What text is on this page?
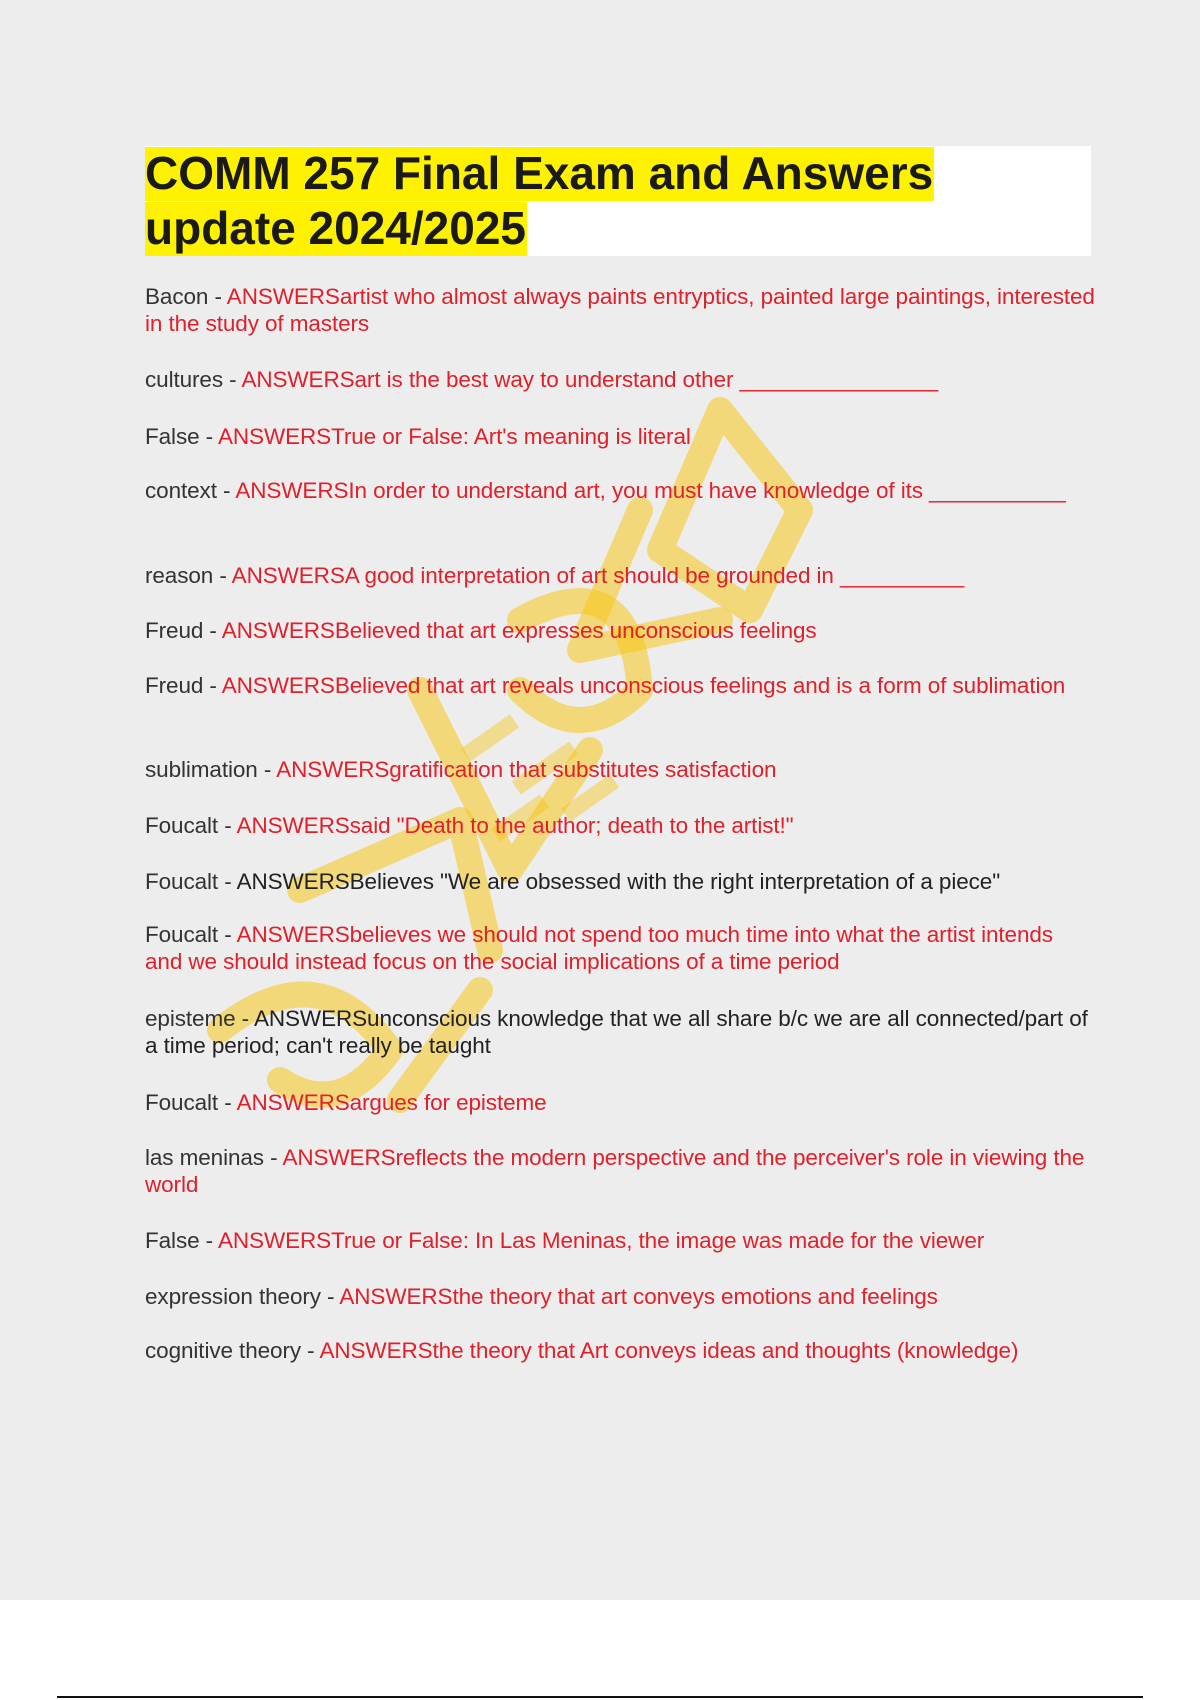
COMM 257 Final Exam and Answers
update 2024/2025
Bacon - ANSWERSartist who almost always paints entryptics, painted large paintings, interested in the study of masters
cultures - ANSWERSart is the best way to understand other ________________
False - ANSWERSTrue or False: Art's meaning is literal
context - ANSWERSIn order to understand art, you must have knowledge of its ___________
reason - ANSWERSA good interpretation of art should be grounded in __________
Freud - ANSWERSBelieved that art expresses unconscious feelings
Freud - ANSWERSBelieved that art reveals unconscious feelings and is a form of sublimation
sublimation - ANSWERSgratification that substitutes satisfaction
Foucalt - ANSWERSsaid "Death to the author; death to the artist!"
Foucalt - ANSWERSBelieves "We are obsessed with the right interpretation of a piece"
Foucalt - ANSWERSbelieves we should not spend too much time into what the artist intends and we should instead focus on the social implications of a time period
episteme - ANSWERSunconscious knowledge that we all share b/c we are all connected/part of a time period; can't really be taught
Foucalt - ANSWERSargues for episteme
las meninas - ANSWERSreflects the modern perspective and the perceiver's role in viewing the world
False - ANSWERSTrue or False: In Las Meninas, the image was made for the viewer
expression theory - ANSWERSthe theory that art conveys emotions and feelings
cognitive theory - ANSWERSthe theory that Art conveys ideas and thoughts (knowledge)
